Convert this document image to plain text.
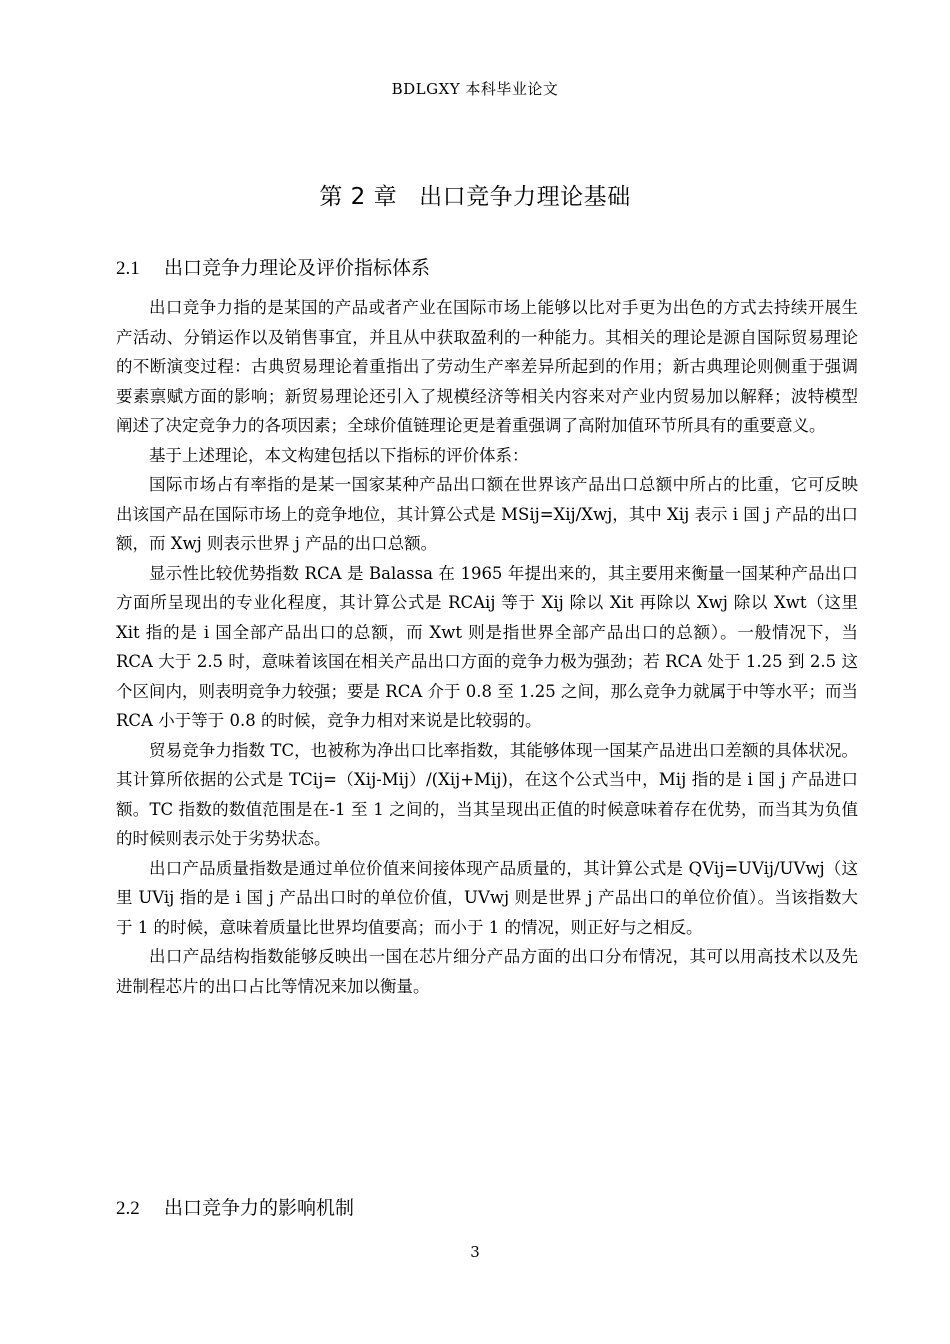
BDLGXY 本科毕业论文
第 2 章 出口竞争力理论基础
2.1 出口竞争力理论及评价指标体系

出口竞争力指的是某国的产品或者产业在国际市场上能够以比对手更为出色的方式去持续开展生产活动、分销运作以及销售事宜，并且从中获取盈利的一种能力。其相关的理论是源自国际贸易理论的不断演变过程：古典贸易理论着重指出了劳动生产率差异所起到的作用；新古典理论则侧重于强调要素禀赋方面的影响；新贸易理论还引入了规模经济等相关内容来对产业内贸易加以解释；波特模型阐述了决定竞争力的各项因素；全球价值链理论更是着重强调了高附加值环节所具有的重要意义。

基于上述理论，本文构建包括以下指标的评价体系：

国际市场占有率指的是某一国家某种产品出口额在世界该产品出口总额中所占的比重，它可反映出该国产品在国际市场上的竞争地位，其计算公式是 MSij=Xij/Xwj，其中 Xij 表示 i 国 j 产品的出口额，而 Xwj 则表示世界 j 产品的出口总额。

显示性比较优势指数 RCA 是 Balassa 在 1965 年提出来的，其主要用来衡量一国某种产品出口方面所呈现出的专业化程度，其计算公式是 RCAij 等于 Xij 除以 Xit 再除以 Xwj 除以 Xwt（这里 Xit 指的是 i 国全部产品出口的总额，而 Xwt 则是指世界全部产品出口的总额）。一般情况下，当 RCA 大于 2.5 时，意味着该国在相关产品出口方面的竞争力极为强劲；若 RCA 处于 1.25 到 2.5 这个区间内，则表明竞争力较强；要是 RCA 介于 0.8 至 1.25 之间，那么竞争力就属于中等水平；而当 RCA 小于等于 0.8 的时候，竞争力相对来说是比较弱的。

贸易竞争力指数 TC，也被称为净出口比率指数，其能够体现一国某产品进出口差额的具体状况。其计算所依据的公式是 TCij=（Xij-Mij）/(Xij+Mij)，在这个公式当中，Mij 指的是 i 国 j 产品进口额。TC 指数的数值范围是在-1 至 1 之间的，当其呈现出正值的时候意味着存在优势，而当其为负值的时候则表示处于劣势状态。

出口产品质量指数是通过单位价值来间接体现产品质量的，其计算公式是 QVij=UVij/UVwj（这里 UVij 指的是 i 国 j 产品出口时的单位价值，UVwj 则是世界 j 产品出口的单位价值）。当该指数大于 1 的时候，意味着质量比世界均值要高；而小于 1 的情况，则正好与之相反。

出口产品结构指数能够反映出一国在芯片细分产品方面的出口分布情况，其可以用高技术以及先进制程芯片的出口占比等情况来加以衡量。

2.2 出口竞争力的影响机制
3
